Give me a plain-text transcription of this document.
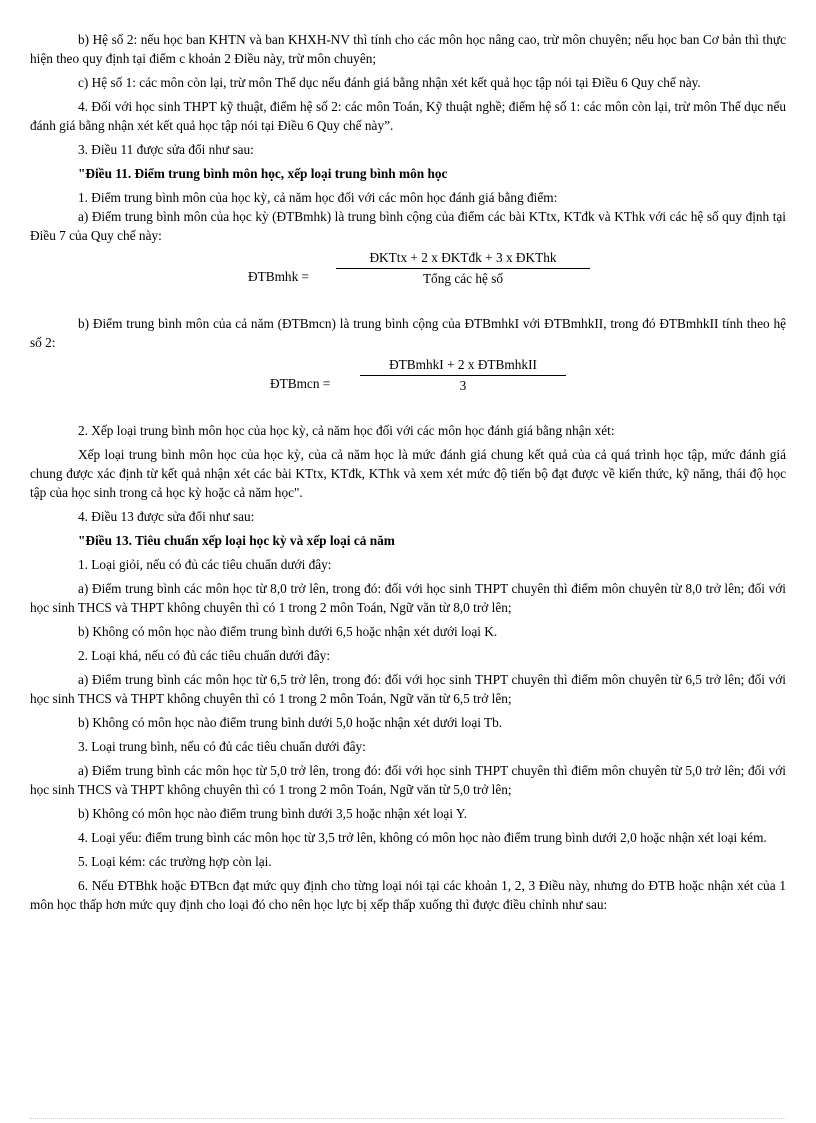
b) Hệ số 2: nếu học ban KHTN và ban KHXH-NV thì tính cho các môn học nâng cao, trừ môn chuyên; nếu học ban Cơ bản thì thực hiện theo quy định tại điểm c khoản 2 Điều này, trừ môn chuyên;

c) Hệ số 1: các môn còn lại, trừ môn Thể dục nếu đánh giá bằng nhận xét kết quả học tập nói tại Điều 6 Quy chế này.

4. Đối với học sinh THPT kỹ thuật, điểm hệ số 2: các môn Toán, Kỹ thuật nghề; điểm hệ số 1: các môn còn lại, trừ môn Thể dục nếu đánh giá bằng nhận xét kết quả học tập nói tại Điều 6 Quy chế này”.

3. Điều 11 được sửa đổi như sau:

"Điều 11. Điểm trung bình môn học, xếp loại trung bình môn học

1. Điểm trung bình môn của học kỳ, cả năm học đối với các môn học đánh giá bằng điểm:

a) Điểm trung bình môn của học kỳ (ĐTBmhk) là trung bình cộng của điểm các bài KTtx, KTđk và KThk với các hệ số quy định tại Điều 7 của Quy chế này:

ĐTBmhk =
ĐKTtx + 2 x ĐKTđk + 3 x ĐKThk
Tổng các hệ số

b) Điểm trung bình môn của cả năm (ĐTBmcn) là trung bình cộng của ĐTBmhkI với ĐTBmhkII, trong đó ĐTBmhkII tính theo hệ số 2:

ĐTBmcn =
ĐTBmhkI + 2 x ĐTBmhkII
3

2. Xếp loại trung bình môn học của học kỳ, cả năm học đối với các môn học đánh giá bằng nhận xét:

Xếp loại trung bình môn học của học kỳ, của cả năm học là mức đánh giá chung kết quả của cả quá trình học tập, mức đánh giá chung được xác định từ kết quả nhận xét các bài KTtx, KTđk, KThk và xem xét mức độ tiến bộ đạt được về kiến thức, kỹ năng, thái độ học tập của học sinh trong cả học kỳ hoặc cả năm học".

4. Điều 13 được sửa đổi như sau:

"Điều 13. Tiêu chuẩn xếp loại học kỳ và xếp loại cả năm

1. Loại giỏi, nếu có đủ các tiêu chuẩn dưới đây:

a) Điểm trung bình các môn học từ 8,0 trở lên, trong đó: đối với học sinh THPT chuyên thì điểm môn chuyên từ 8,0 trở lên; đối với học sinh THCS và THPT không chuyên thì có 1 trong 2 môn Toán, Ngữ văn từ 8,0 trở lên;

b) Không có môn học nào điểm trung bình dưới 6,5 hoặc nhận xét dưới loại K.

2. Loại khá, nếu có đủ các tiêu chuẩn dưới đây:

a) Điểm trung bình các môn học từ 6,5 trở lên, trong đó: đối với học sinh THPT chuyên thì điểm môn chuyên từ 6,5 trở lên; đối với học sinh THCS và THPT không chuyên thì có 1 trong 2 môn Toán, Ngữ văn từ 6,5 trở lên;

b) Không có môn học nào điểm trung bình dưới 5,0 hoặc nhận xét dưới loại Tb.

3. Loại trung bình, nếu có đủ các tiêu chuẩn dưới đây:

a) Điểm trung bình các môn học từ 5,0 trở lên, trong đó: đối với học sinh THPT chuyên thì điểm môn chuyên từ 5,0 trở lên; đối với học sinh THCS và THPT không chuyên thì có 1 trong 2 môn Toán, Ngữ văn từ 5,0 trở lên;

b) Không có môn học nào điểm trung bình dưới 3,5 hoặc nhận xét loại Y.

4. Loại yếu: điểm trung bình các môn học từ 3,5 trở lên, không có môn học nào điểm trung bình dưới 2,0 hoặc nhận xét loại kém.

5. Loại kém: các trường hợp còn lại.

6. Nếu ĐTBhk hoặc ĐTBcn đạt mức quy định cho từng loại nói tại các khoản 1, 2, 3 Điều này, nhưng do ĐTB hoặc nhận xét của 1 môn học thấp hơn mức quy định cho loại đó cho nên học lực bị xếp thấp xuống thì được điều chỉnh như sau:
